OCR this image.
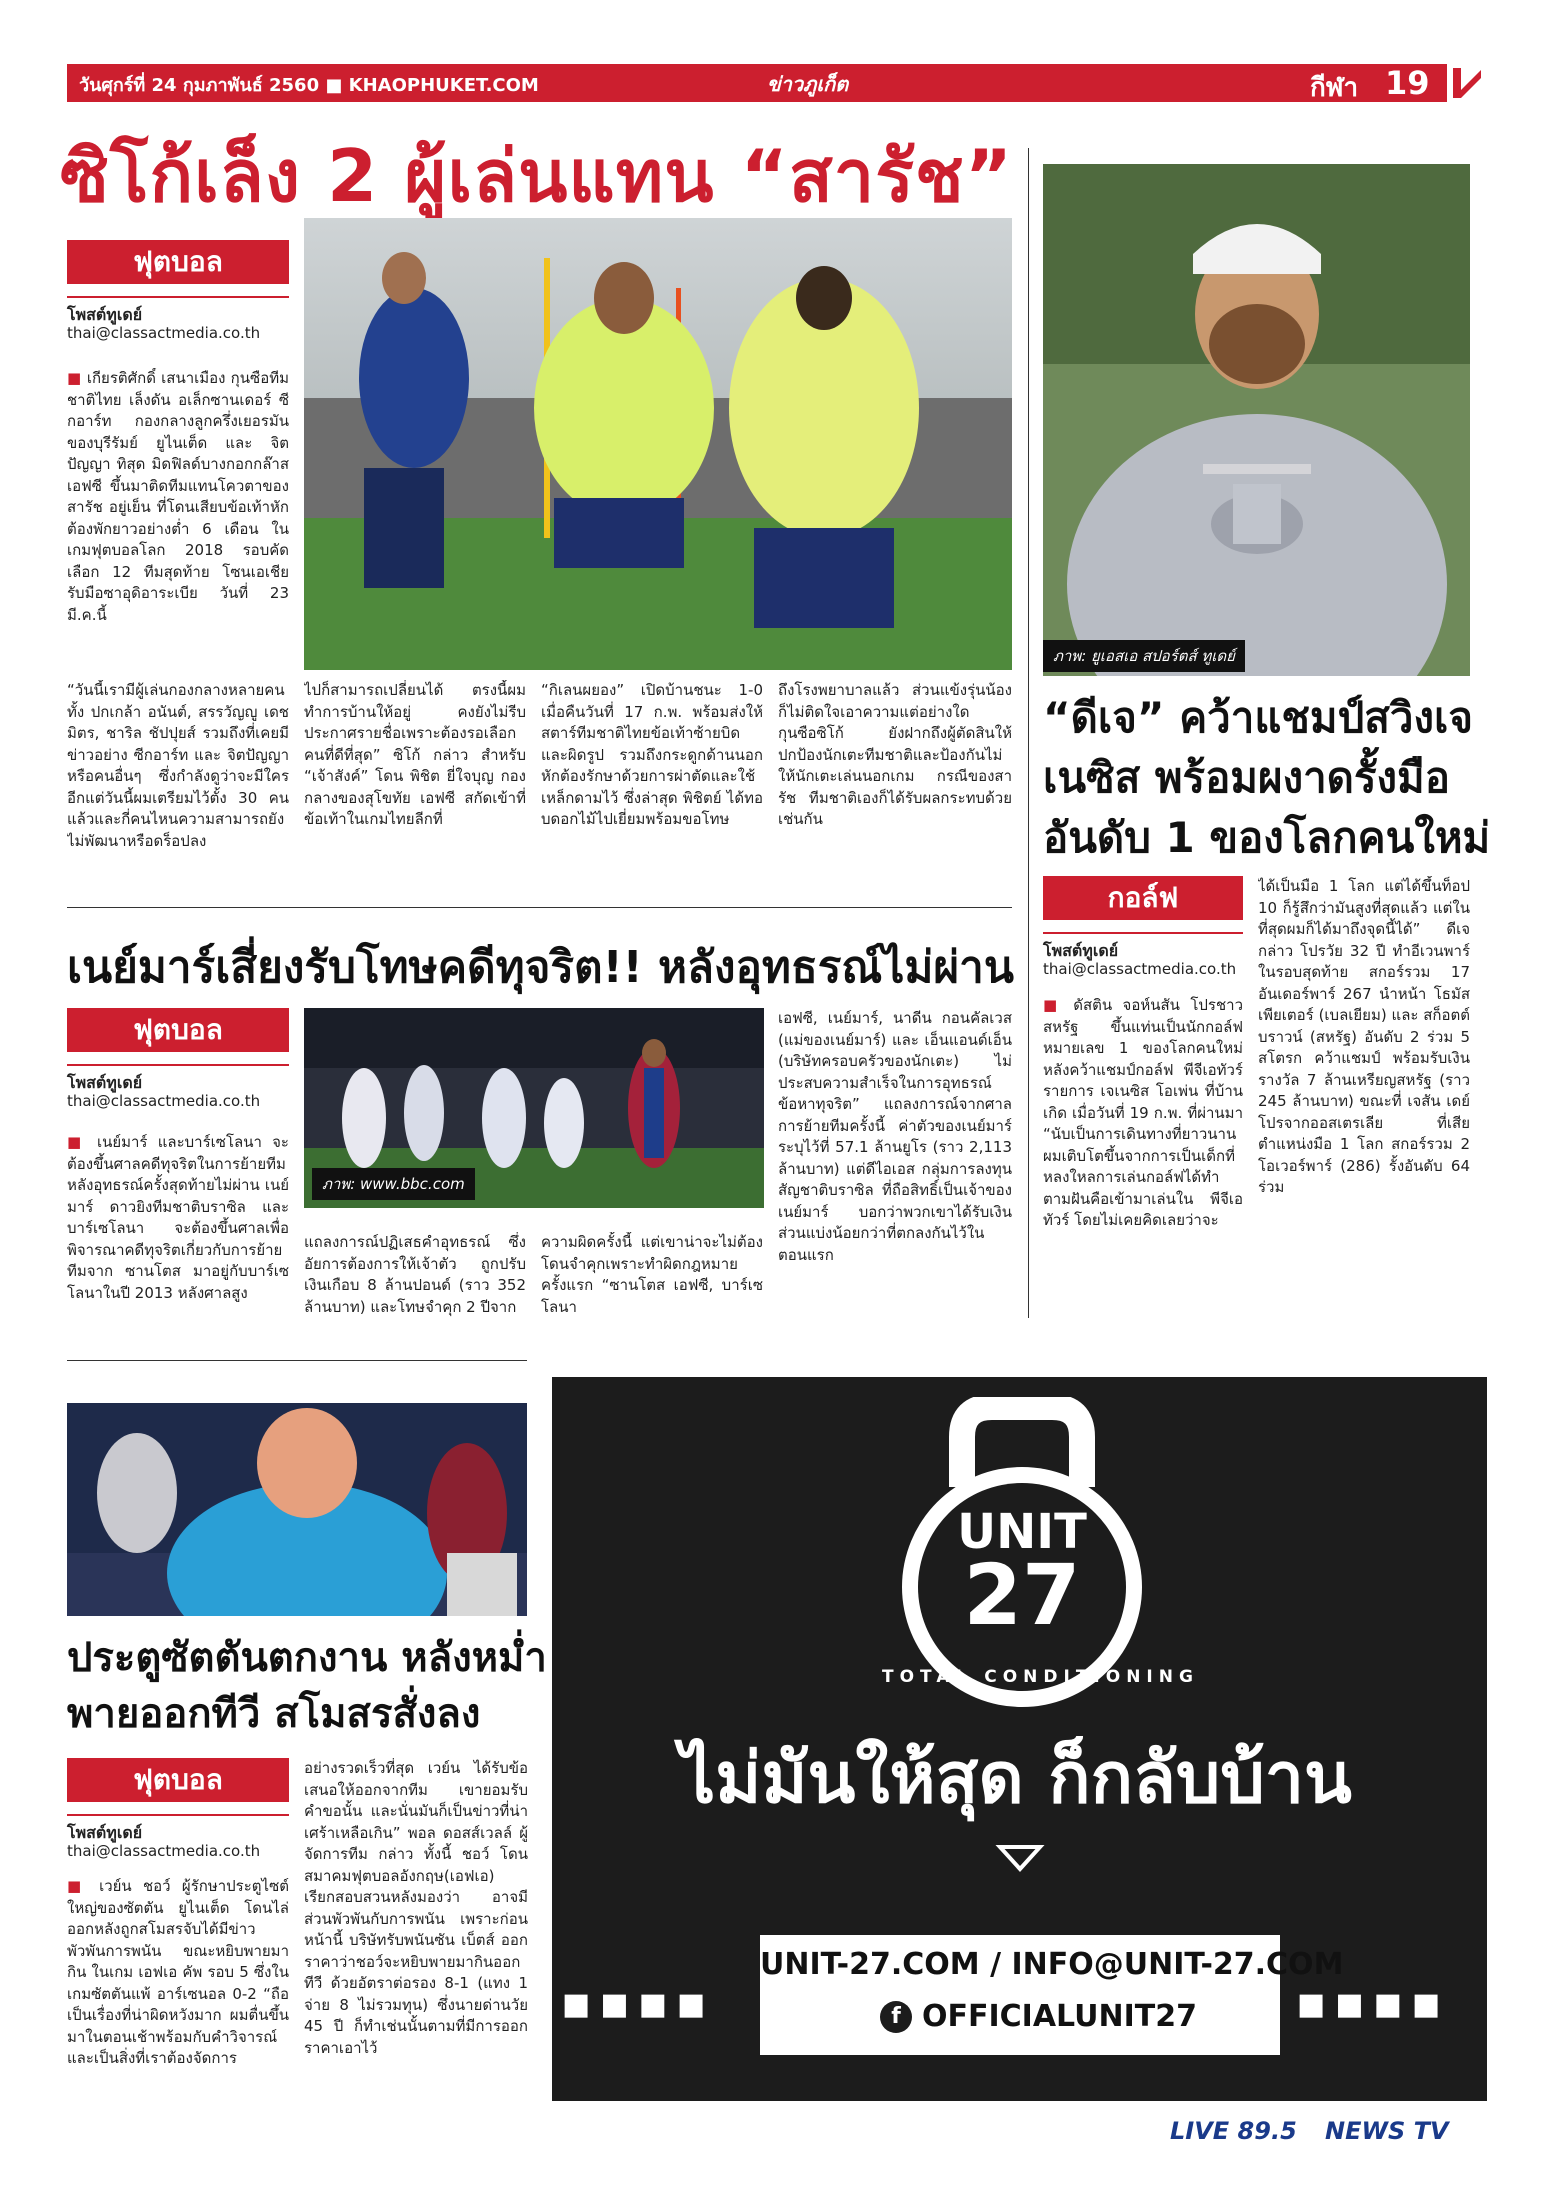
วันศุกร์ที่ 24 กุมภาพันธ์ 2560 ■ KHAOPHUKET.COM	ข่าวภูเก็ต	กีฬา 19
ซิโก้เล็ง 2 ผู้เล่นแทน “สารัช”
ฟุตบอล
โพสต์ทูเดย์
thai@classactmedia.co.th
■ เกียรติศักดิ์ เสนาเมือง กุนซือทีมชาติไทย เล็งดัน อเล็กซานเดอร์ ซีกอาร์ท กองกลางลูกครึ่งเยอรมัน ของบุรีรัมย์ ยูไนเต็ด และ จิตปัญญา ทิสุด มิดฟิลด์บางกอกกล๊าส เอฟซี ขึ้นมาติดทีมแทนโควตาของ สารัช อยู่เย็น ที่โดนเสียบข้อเท้าหัก ต้องพักยาวอย่างต่ำ 6 เดือน ในเกมฟุตบอลโลก 2018 รอบคัดเลือก 12 ทีมสุดท้าย โซนเอเชีย รับมือซาอุดิอาระเบีย วันที่ 23 มี.ค.นี้
“วันนี้เรามีผู้เล่นกองกลางหลายคนทั้ง ปกเกล้า อนันต์, สรรวัญญู เดชมิตร, ชาริล ชัปปุยส์ รวมถึงที่เคยมีข่าวอย่าง ซีกอาร์ท และ จิตปัญญา หรือคนอื่นๆ ซึ่งกำลังดูว่าจะมีใครอีกแต่วันนี้ผมเตรียมไว้ตั้ง 30 คนแล้วและกี่คนไหนความสามารถยังไม่พัฒนาหรือดร็อปลง
ไปก็สามารถเปลี่ยนได้ ตรงนี้ผมทำการบ้านให้อยู่ คงยังไม่รีบประกาศรายชื่อเพราะต้องรอเลือกคนที่ดีที่สุด” ซิโก้ กล่าว สำหรับ “เจ้าสังค์” โดน พิชิต ยี่ใจบุญ กองกลางของสุโขทัย เอฟซี สกัดเข้าที่ข้อเท้าในเกมไทยลีกที่
“กิเลนผยอง” เปิดบ้านชนะ 1-0 เมื่อคืนวันที่ 17 ก.พ. พร้อมส่งให้สตาร์ทีมชาติไทยข้อเท้าซ้ายบิดและผิดรูป รวมถึงกระดูกด้านนอกหักต้องรักษาด้วยการผ่าตัดและใช้เหล็กดามไว้ ซึ่งล่าสุด พิชิตย์ ได้ทอบดอกไม้ไปเยี่ยมพร้อมขอโทษ
ถึงโรงพยาบาลแล้ว ส่วนแข้งรุ่นน้องก็ไม่ติดใจเอาความแต่อย่างใด กุนซือซิโก้ ยังฝากถึงผู้ตัดสินให้ปกป้องนักเตะทีมชาติและป้องกันไม่ให้นักเตะเล่นนอกเกม กรณีของสารัช ทีมชาติเองก็ได้รับผลกระทบด้วยเช่นกัน
เนย์มาร์เสี่ยงรับโทษคดีทุจริต!! หลังอุทธรณ์ไม่ผ่าน
ฟุตบอล
โพสต์ทูเดย์
thai@classactmedia.co.th
ภาพ: www.bbc.com
■ เนย์มาร์ และบาร์เซโลนา จะต้องขึ้นศาลคดีทุจริตในการย้ายทีม หลังอุทธรณ์ครั้งสุดท้ายไม่ผ่าน เนย์มาร์ ดาวยิงทีมชาติบราซิล และบาร์เซโลนา จะต้องขึ้นศาลเพื่อพิจารณาคดีทุจริตเกี่ยวกับการย้ายทีมจาก ซานโตส มาอยู่กับบาร์เซโลนาในปี 2013 หลังศาลสูง
แถลงการณ์ปฏิเสธคำอุทธรณ์ ซึ่งอัยการต้องการให้เจ้าตัว ถูกปรับเงินเกือบ 8 ล้านปอนด์ (ราว 352 ล้านบาท) และโทษจำคุก 2 ปีจาก
ความผิดครั้งนี้ แต่เขาน่าจะไม่ต้องโดนจำคุกเพราะทำผิดกฎหมายครั้งแรก “ซานโตส เอฟซี, บาร์เซโลนา
เอฟซี, เนย์มาร์, นาดีน กอนคัลเวส (แม่ของเนย์มาร์) และ เอ็นแอนด์เอ็น (บริษัทครอบครัวของนักเตะ) ไม่ประสบความสำเร็จในการอุทธรณ์ข้อหาทุจริต” แถลงการณ์จากศาล การย้ายทีมครั้งนี้ ค่าตัวของเนย์มาร์ ระบุไว้ที่ 57.1 ล้านยูโร (ราว 2,113 ล้านบาท) แต่ดีไอเอส กลุ่มการลงทุนสัญชาติบราซิล ที่ถือสิทธิ์เป็นเจ้าของ เนย์มาร์ บอกว่าพวกเขาได้รับเงินส่วนแบ่งน้อยกว่าที่ตกลงกันไว้ในตอนแรก
ภาพ: ยูเอสเอ สปอร์ตส์ ทูเดย์
“ดีเจ” คว้าแชมป์สวิงเจเนซิส พร้อมผงาดรั้งมือ อันดับ 1 ของโลกคนใหม่
กอล์ฟ
โพสต์ทูเดย์
thai@classactmedia.co.th
■ ดัสติน จอห์นสัน โปรชาวสหรัฐ ขึ้นแท่นเป็นนักกอล์ฟหมายเลข 1 ของโลกคนใหม่ หลังคว้าแชมป์กอล์ฟ พีจีเอทัวร์ รายการ เจเนซิส โอเพ่น ที่บ้านเกิด เมื่อวันที่ 19 ก.พ. ที่ผ่านมา “นับเป็นการเดินทางที่ยาวนาน ผมเติบโตขึ้นจากการเป็นเด็กที่หลงใหลการเล่นกอล์ฟได้ทำตามฝันคือเข้ามาเล่นใน พีจีเอ ทัวร์ โดยไม่เคยคิดเลยว่าจะ
ได้เป็นมือ 1 โลก แต่ได้ขึ้นท็อป 10 ก็รู้สึกว่ามันสูงที่สุดแล้ว แต่ในที่สุดผมก็ได้มาถึงจุดนี้ได้” ดีเจ กล่าว โปรวัย 32 ปี ทำอีเวนพาร์ในรอบสุดท้าย สกอร์รวม 17 อันเดอร์พาร์ 267 นำหน้า โธมัส เพียเตอร์ (เบลเยียม) และ สก็อตต์ บราวน์ (สหรัฐ) อันดับ 2 ร่วม 5 สโตรก คว้าแชมป์ พร้อมรับเงินรางวัล 7 ล้านเหรียญสหรัฐ (ราว 245 ล้านบาท) ขณะที่ เจสัน เดย์ โปรจากออสเตรเลีย ที่เสียตำแหน่งมือ 1 โลก สกอร์รวม 2 โอเวอร์พาร์ (286) รั้งอันดับ 64 ร่วม
ประตูซัตตันตกงาน หลังหม่ำพายออกทีวี สโมสรสั่งลง
ฟุตบอล
โพสต์ทูเดย์
thai@classactmedia.co.th
■ เวย์น ชอว์ ผู้รักษาประตูไซต์ใหญ่ของซัตตัน ยูไนเต็ด โดนไล่ออกหลังถูกสโมสรจับได้มีข่าวพัวพันการพนัน ขณะหยิบพายมากิน ในเกม เอฟเอ คัพ รอบ 5 ซึ่งในเกมซัตตันแพ้ อาร์เซนอล 0-2 “ถือเป็นเรื่องที่น่าผิดหวังมาก ผมตื่นขึ้นมาในตอนเช้าพร้อมกับคำวิจารณ์และเป็นสิ่งที่เราต้องจัดการ
อย่างรวดเร็วที่สุด เวย์น ได้รับข้อเสนอให้ออกจากทีม เขายอมรับคำขอนั้น และนั่นมันก็เป็นข่าวที่น่าเศร้าเหลือเกิน” พอล ดอสส์เวลล์ ผู้จัดการทีม กล่าว ทั้งนี้ ชอว์ โดนสมาคมฟุตบอลอังกฤษ(เอฟเอ) เรียกสอบสวนหลังมองว่า อาจมีส่วนพัวพันกับการพนัน เพราะก่อนหน้านี้ บริษัทรับพนันซัน เบ็ตส์ ออกราคาว่าชอว์จะหยิบพายมากินออกทีวี ด้วยอัตราต่อรอง 8-1 (แทง 1 จ่าย 8 ไม่รวมทุน) ซึ่งนายด่านวัย 45 ปี ก็ทำเช่นนั้นตามที่มีการออกราคาเอาไว้
UNIT
27
TOTAL CONDITIONING
ไม่มันให้สุด ก็กลับบ้าน
■■■■	■■■■
UNIT-27.COM / INFO@UNIT-27.COM
f OFFICIALUNIT27
LIVE 89.5 NEWS TV
